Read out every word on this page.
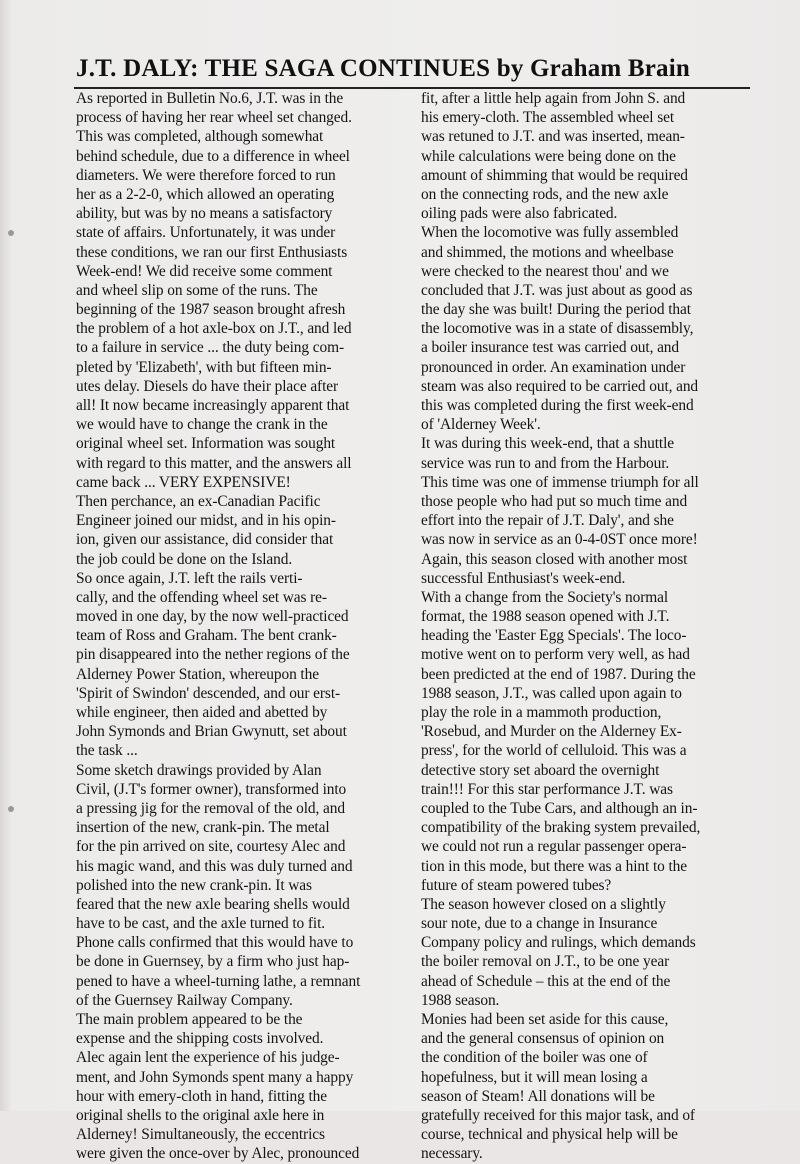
J.T. DALY: THE SAGA CONTINUES by Graham Brain
As reported in Bulletin No.6, J.T. was in the
process of having her rear wheel set changed.
This was completed, although somewhat
behind schedule, due to a difference in wheel
diameters. We were therefore forced to run
her as a 2-2-0, which allowed an operating
ability, but was by no means a satisfactory
state of affairs. Unfortunately, it was under
these conditions, we ran our first Enthusiasts
Week-end! We did receive some comment
and wheel slip on some of the runs. The
beginning of the 1987 season brought afresh
the problem of a hot axle-box on J.T., and led
to a failure in service ... the duty being com-
pleted by 'Elizabeth', with but fifteen min-
utes delay. Diesels do have their place after
all! It now became increasingly apparent that
we would have to change the crank in the
original wheel set. Information was sought
with regard to this matter, and the answers all
came back ... VERY EXPENSIVE!
Then perchance, an ex-Canadian Pacific
Engineer joined our midst, and in his opin-
ion, given our assistance, did consider that
the job could be done on the Island.
So once again, J.T. left the rails verti-
cally, and the offending wheel set was re-
moved in one day, by the now well-practiced
team of Ross and Graham. The bent crank-
pin disappeared into the nether regions of the
Alderney Power Station, whereupon the
'Spirit of Swindon' descended, and our erst-
while engineer, then aided and abetted by
John Symonds and Brian Gwynutt, set about
the task ...
Some sketch drawings provided by Alan
Civil, (J.T's former owner), transformed into
a pressing jig for the removal of the old, and
insertion of the new, crank-pin. The metal
for the pin arrived on site, courtesy Alec and
his magic wand, and this was duly turned and
polished into the new crank-pin. It was
feared that the new axle bearing shells would
have to be cast, and the axle turned to fit.
Phone calls confirmed that this would have to
be done in Guernsey, by a firm who just hap-
pened to have a wheel-turning lathe, a remnant
of the Guernsey Railway Company.
The main problem appeared to be the
expense and the shipping costs involved.
Alec again lent the experience of his judge-
ment, and John Symonds spent many a happy
hour with emery-cloth in hand, fitting the
original shells to the original axle here in
Alderney! Simultaneously, the eccentrics
were given the once-over by Alec, pronounced
fit, after a little help again from John S. and
his emery-cloth. The assembled wheel set
was retuned to J.T. and was inserted, mean-
while calculations were being done on the
amount of shimming that would be required
on the connecting rods, and the new axle
oiling pads were also fabricated.
When the locomotive was fully assembled
and shimmed, the motions and wheelbase
were checked to the nearest thou' and we
concluded that J.T. was just about as good as
the day she was built! During the period that
the locomotive was in a state of disassembly,
a boiler insurance test was carried out, and
pronounced in order. An examination under
steam was also required to be carried out, and
this was completed during the first week-end
of 'Alderney Week'.
It was during this week-end, that a shuttle
service was run to and from the Harbour.
This time was one of immense triumph for all
those people who had put so much time and
effort into the repair of J.T. Daly', and she
was now in service as an 0-4-0ST once more!
Again, this season closed with another most
successful Enthusiast's week-end.
With a change from the Society's normal
format, the 1988 season opened with J.T.
heading the 'Easter Egg Specials'. The loco-
motive went on to perform very well, as had
been predicted at the end of 1987. During the
1988 season, J.T., was called upon again to
play the role in a mammoth production,
'Rosebud, and Murder on the Alderney Ex-
press', for the world of celluloid. This was a
detective story set aboard the overnight
train!!! For this star performance J.T. was
coupled to the Tube Cars, and although an in-
compatibility of the braking system prevailed,
we could not run a regular passenger opera-
tion in this mode, but there was a hint to the
future of steam powered tubes?
The season however closed on a slightly
sour note, due to a change in Insurance
Company policy and rulings, which demands
the boiler removal on J.T., to be one year
ahead of Schedule – this at the end of the
1988 season.
Monies had been set aside for this cause,
and the general consensus of opinion on
the condition of the boiler was one of
hopefulness, but it will mean losing a
season of Steam! All donations will be
gratefully received for this major task, and of
course, technical and physical help will be
necessary.
